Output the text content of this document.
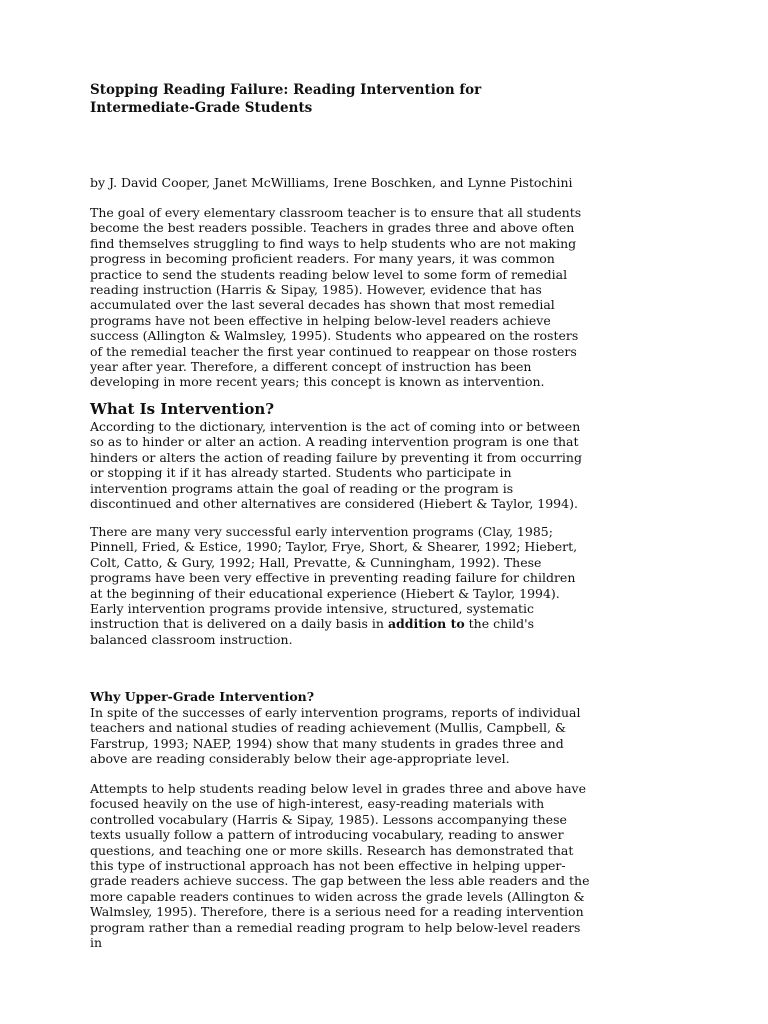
Stopping Reading Failure: Reading Intervention for Intermediate-Grade Students

by J. David Cooper, Janet McWilliams, Irene Boschken, and Lynne Pistochini

The goal of every elementary classroom teacher is to ensure that all students become the best readers possible. Teachers in grades three and above often find themselves struggling to find ways to help students who are not making progress in becoming proficient readers. For many years, it was common practice to send the students reading below level to some form of remedial reading instruction (Harris & Sipay, 1985). However, evidence that has accumulated over the last several decades has shown that most remedial programs have not been effective in helping below-level readers achieve success (Allington & Walmsley, 1995). Students who appeared on the rosters of the remedial teacher the first year continued to reappear on those rosters year after year. Therefore, a different concept of instruction has been developing in more recent years; this concept is known as intervention.

What Is Intervention?

According to the dictionary, intervention is the act of coming into or between so as to hinder or alter an action. A reading intervention program is one that hinders or alters the action of reading failure by preventing it from occurring or stopping it if it has already started. Students who participate in intervention programs attain the goal of reading or the program is discontinued and other alternatives are considered (Hiebert & Taylor, 1994).

There are many very successful early intervention programs (Clay, 1985; Pinnell, Fried, & Estice, 1990; Taylor, Frye, Short, & Shearer, 1992; Hiebert, Colt, Catto, & Gury, 1992; Hall, Prevatte, & Cunningham, 1992). These programs have been very effective in preventing reading failure for children at the beginning of their educational experience (Hiebert & Taylor, 1994). Early intervention programs provide intensive, structured, systematic instruction that is delivered on a daily basis in addition to the child's balanced classroom instruction.

Why Upper-Grade Intervention?

In spite of the successes of early intervention programs, reports of individual teachers and national studies of reading achievement (Mullis, Campbell, & Farstrup, 1993; NAEP, 1994) show that many students in grades three and above are reading considerably below their age-appropriate level.

Attempts to help students reading below level in grades three and above have focused heavily on the use of high-interest, easy-reading materials with controlled vocabulary (Harris & Sipay, 1985). Lessons accompanying these texts usually follow a pattern of introducing vocabulary, reading to answer questions, and teaching one or more skills. Research has demonstrated that this type of instructional approach has not been effective in helping upper-grade readers achieve success. The gap between the less able readers and the more capable readers continues to widen across the grade levels (Allington & Walmsley, 1995). Therefore, there is a serious need for a reading intervention program rather than a remedial reading program to help below-level readers in
